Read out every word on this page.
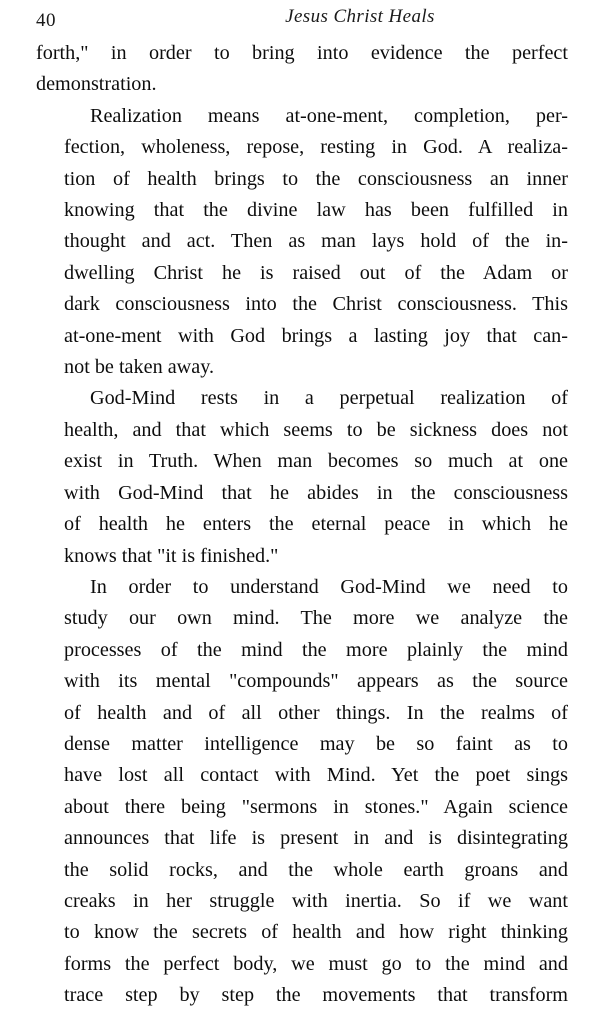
40	Jesus Christ Heals

forth," in order to bring into evidence the perfect
demonstration.

Realization means at-one-ment, completion, per-
fection, wholeness, repose, resting in God. A realiza-
tion of health brings to the consciousness an inner
knowing that the divine law has been fulfilled in
thought and act. Then as man lays hold of the in-
dwelling Christ he is raised out of the Adam or
dark consciousness into the Christ consciousness. This
at-one-ment with God brings a lasting joy that can-
not be taken away.

God-Mind rests in a perpetual realization of
health, and that which seems to be sickness does not
exist in Truth. When man becomes so much at one
with God-Mind that he abides in the consciousness
of health he enters the eternal peace in which he
knows that "it is finished."

In order to understand God-Mind we need to
study our own mind. The more we analyze the
processes of the mind the more plainly the mind
with its mental "compounds" appears as the source
of health and of all other things. In the realms of
dense matter intelligence may be so faint as to
have lost all contact with Mind. Yet the poet sings
about there being "sermons in stones." Again science
announces that life is present in and is disintegrating
the solid rocks, and the whole earth groans and
creaks in her struggle with inertia. So if we want
to know the secrets of health and how right thinking
forms the perfect body, we must go to the mind and
trace step by step the movements that transform
